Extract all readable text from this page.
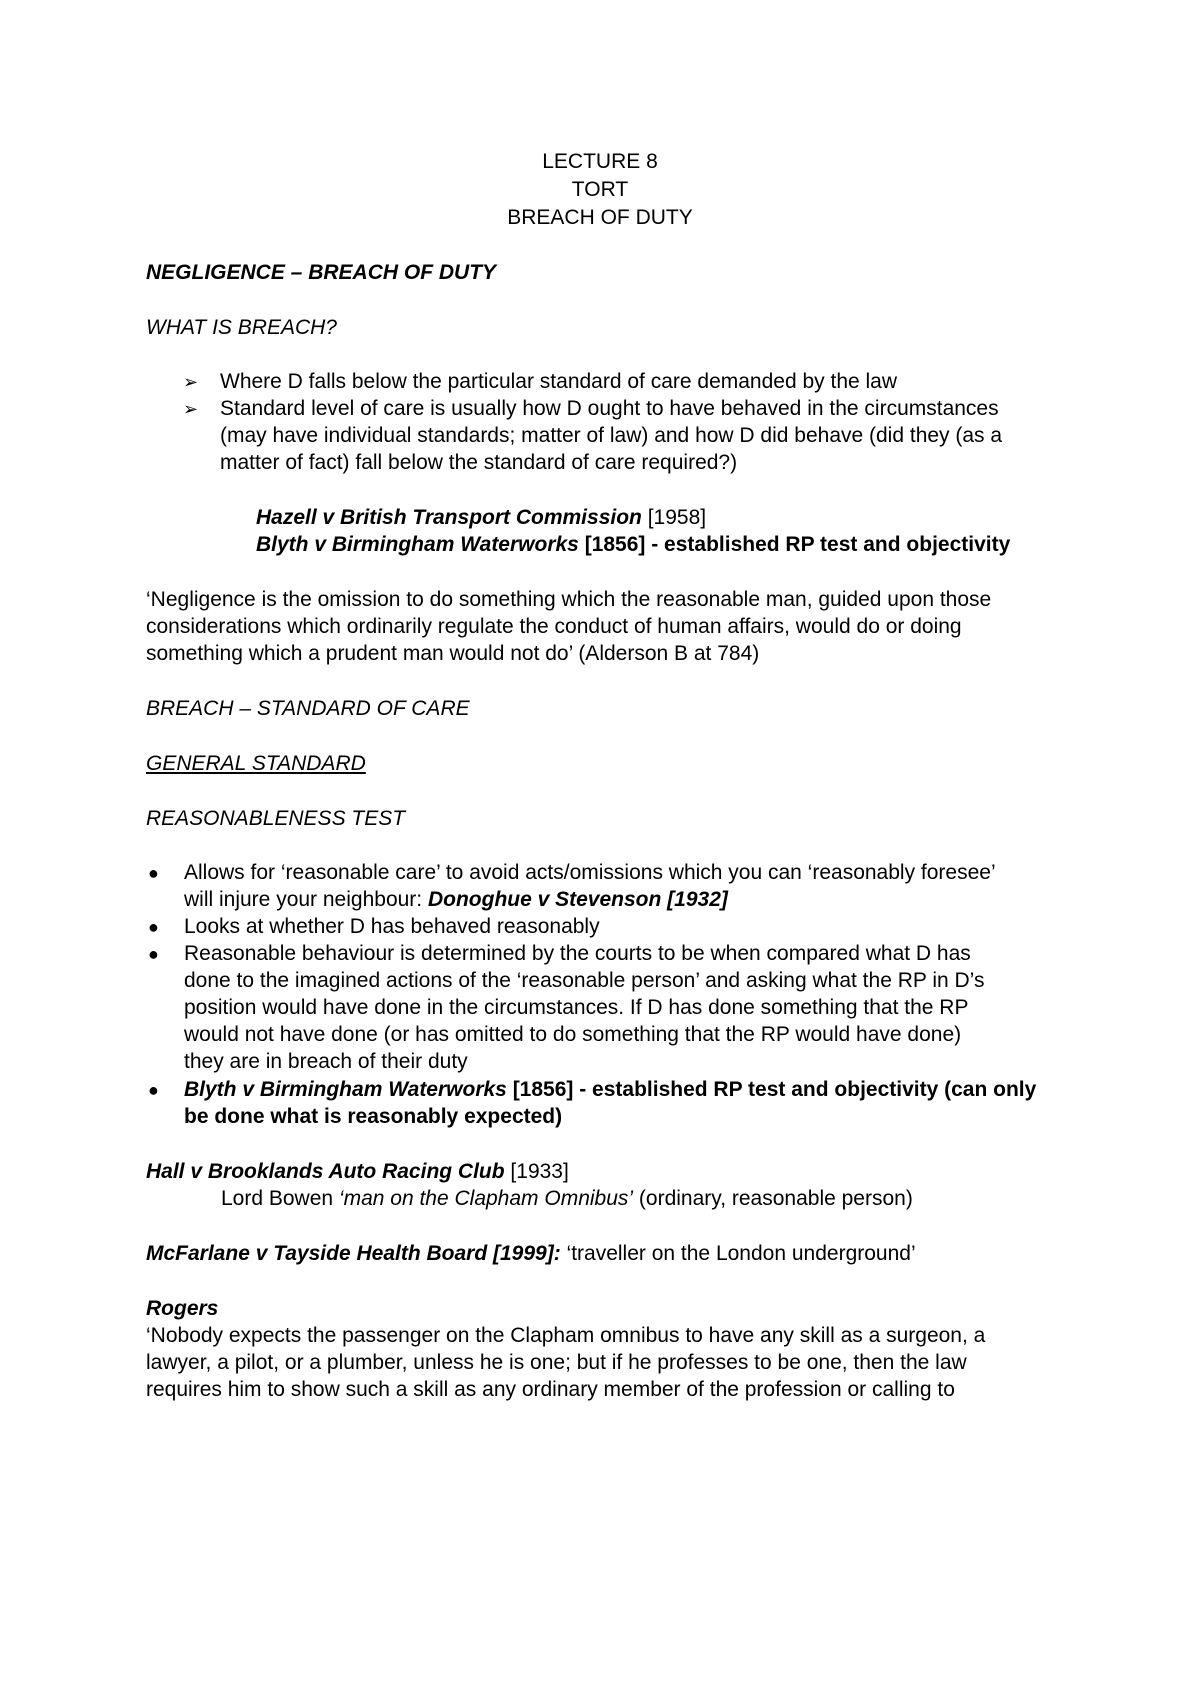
LECTURE 8
TORT
BREACH OF DUTY
NEGLIGENCE – BREACH OF DUTY
WHAT IS BREACH?
➢ Where D falls below the particular standard of care demanded by the law
➢ Standard level of care is usually how D ought to have behaved in the circumstances
(may have individual standards; matter of law) and how D did behave (did they (as a
matter of fact) fall below the standard of care required?)
Hazell v British Transport Commission [1958]
Blyth v Birmingham Waterworks [1856] - established RP test and objectivity
‘Negligence is the omission to do something which the reasonable man, guided upon those
considerations which ordinarily regulate the conduct of human affairs, would do or doing
something which a prudent man would not do’ (Alderson B at 784)
BREACH – STANDARD OF CARE
GENERAL STANDARD
REASONABLENESS TEST
● Allows for ‘reasonable care’ to avoid acts/omissions which you can ‘reasonably foresee’
will injure your neighbour: Donoghue v Stevenson [1932]
● Looks at whether D has behaved reasonably
● Reasonable behaviour is determined by the courts to be when compared what D has
done to the imagined actions of the ‘reasonable person’ and asking what the RP in D’s
position would have done in the circumstances. If D has done something that the RP
would not have done (or has omitted to do something that the RP would have done)
they are in breach of their duty
● Blyth v Birmingham Waterworks [1856] - established RP test and objectivity (can only
be done what is reasonably expected)
Hall v Brooklands Auto Racing Club [1933]
Lord Bowen ‘man on the Clapham Omnibus’ (ordinary, reasonable person)
McFarlane v Tayside Health Board [1999]: ‘traveller on the London underground’
Rogers
‘Nobody expects the passenger on the Clapham omnibus to have any skill as a surgeon, a
lawyer, a pilot, or a plumber, unless he is one; but if he professes to be one, then the law
requires him to show such a skill as any ordinary member of the profession or calling to
